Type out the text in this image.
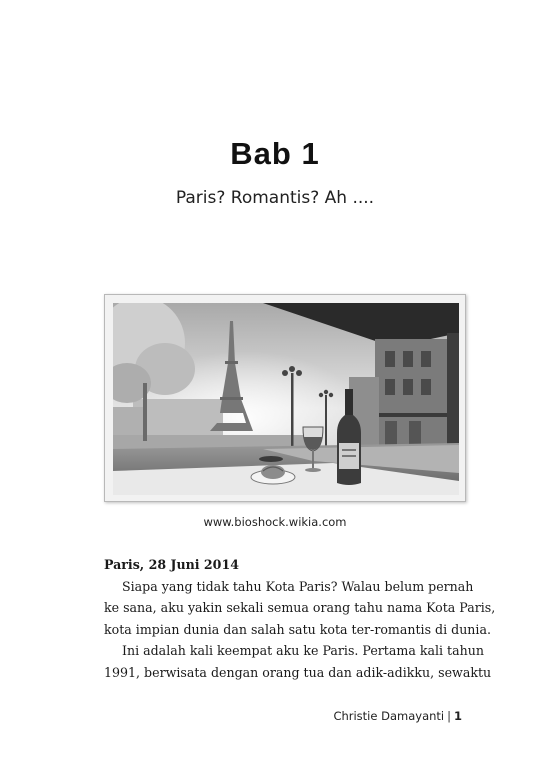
Bab 1
Paris? Romantis? Ah ....
www.bioshock.wikia.com
Paris, 28 Juni 2014
Siapa yang tidak tahu Kota Paris? Walau belum pernah
ke sana, aku yakin sekali semua orang tahu nama Kota Paris,
kota impian dunia dan salah satu kota ter-romantis di dunia.
Ini adalah kali keempat aku ke Paris. Pertama kali tahun
1991, berwisata dengan orang tua dan adik-adikku, sewaktu
Christie Damayanti | 1
